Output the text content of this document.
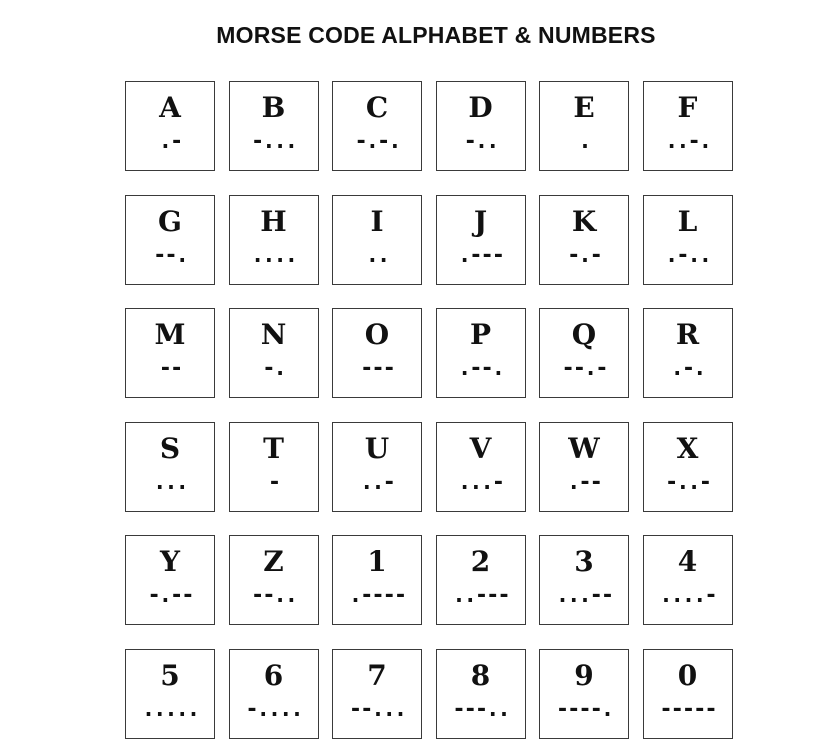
MORSE CODE ALPHABET & NUMBERS
A
.-
B
-...
C
-.-.
D
-..
E
.
F
..-.
G
--.
H
....
I
..
J
.---
K
-.-
L
.-..
M
--
N
-.
O
---
P
.--.
Q
--.-
R
.-.
S
...
T
-
U
..-
V
...-
W
.--
X
-..-
Y
-.--
Z
--..
1
.----
2
..---
3
...--
4
....-
5
.....
6
-....
7
--...
8
---..
9
----.
0
-----
